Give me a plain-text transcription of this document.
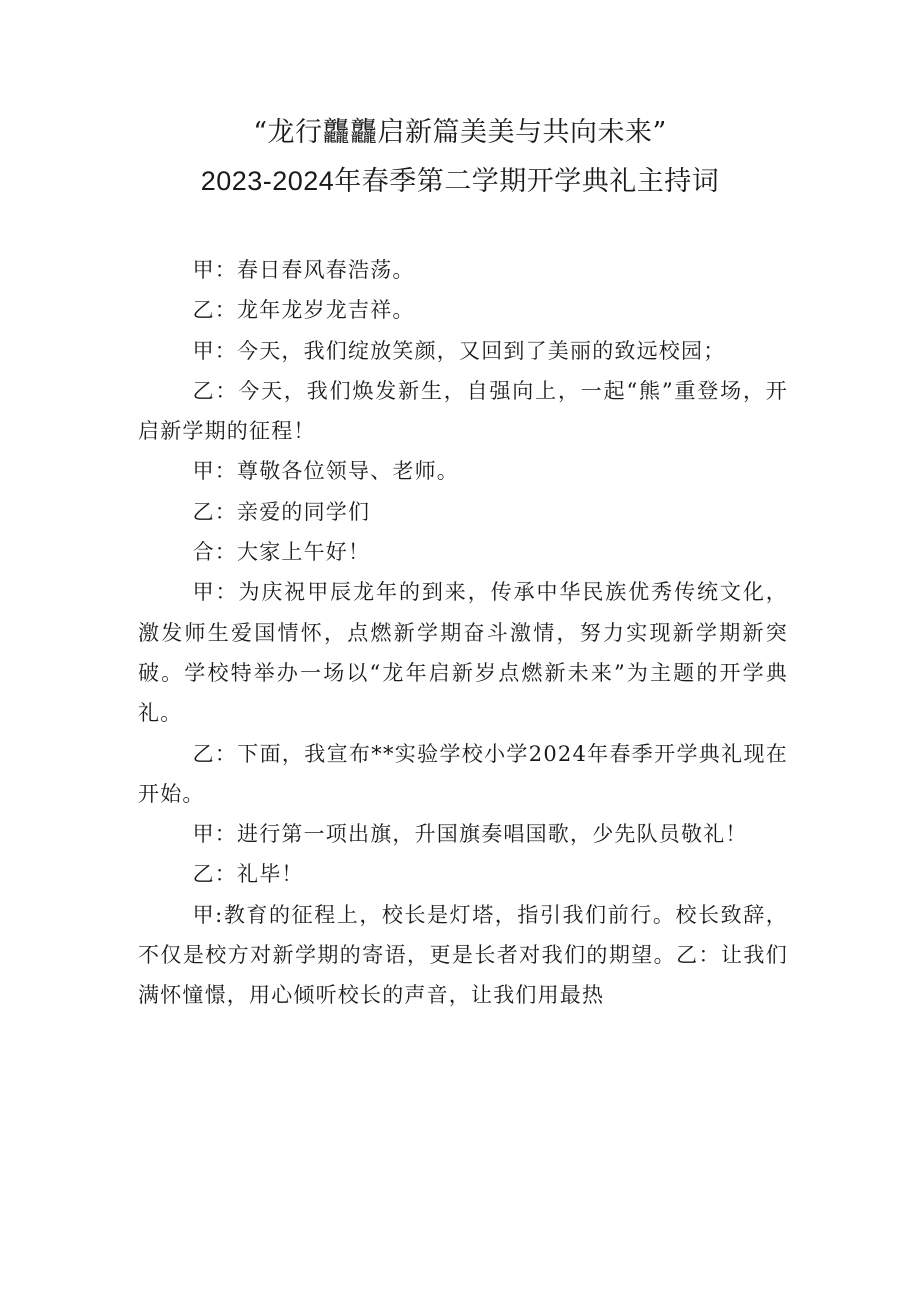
“龙行龘龘启新篇美美与共向未来”
2023-2024年春季第二学期开学典礼主持词

甲：春日春风春浩荡。

乙：龙年龙岁龙吉祥。

甲：今天，我们绽放笑颜，又回到了美丽的致远校园；

乙：今天，我们焕发新生，自强向上，一起“熊”重登场，开启新学期的征程！

甲：尊敬各位领导、老师。

乙：亲爱的同学们

合：大家上午好！

甲：为庆祝甲辰龙年的到来，传承中华民族优秀传统文化，激发师生爱国情怀，点燃新学期奋斗激情，努力实现新学期新突破。学校特举办一场以“龙年启新岁点燃新未来”为主题的开学典礼。

乙：下面，我宣布**实验学校小学2024年春季开学典礼现在开始。

甲：进行第一项出旗，升国旗奏唱国歌，少先队员敬礼！

乙：礼毕！

甲:教育的征程上，校长是灯塔，指引我们前行。校长致辞，不仅是校方对新学期的寄语，更是长者对我们的期望。乙：让我们满怀憧憬，用心倾听校长的声音，让我们用最热
